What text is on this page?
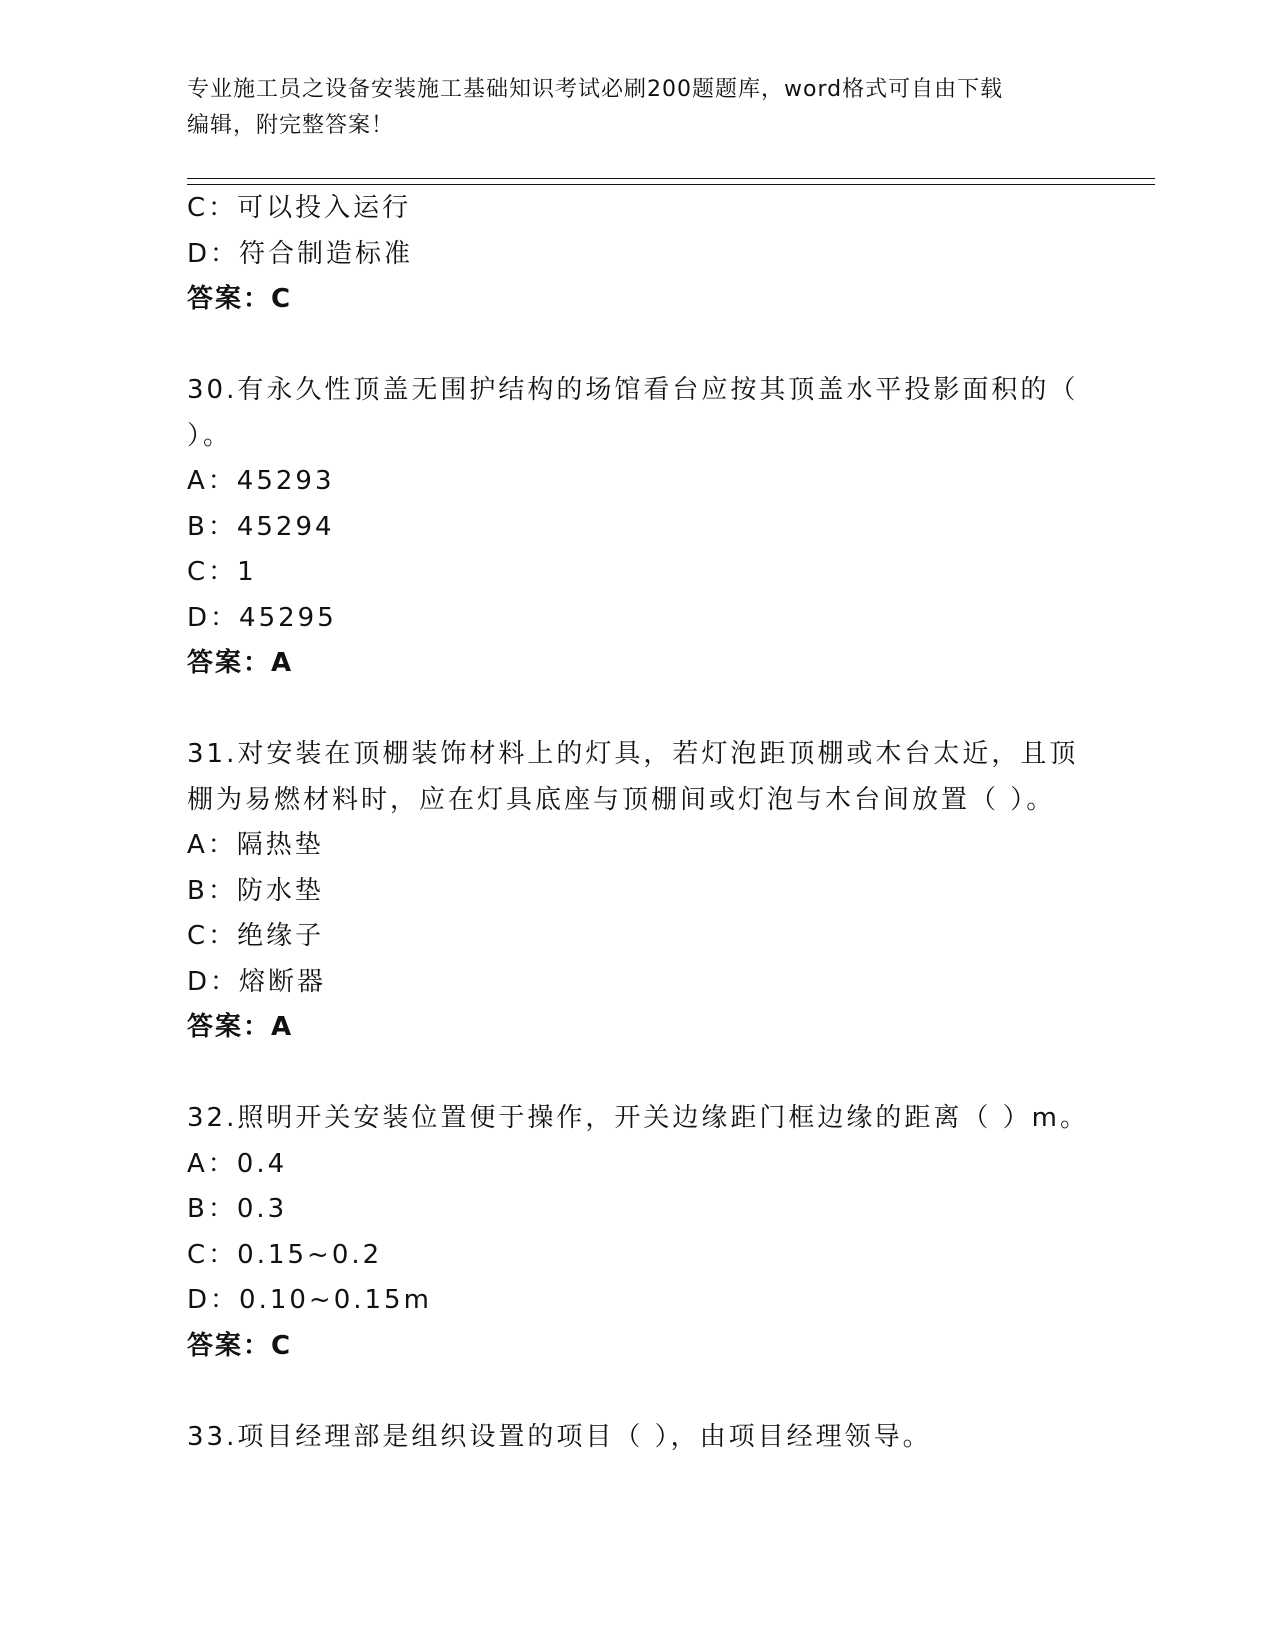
专业施工员之设备安装施工基础知识考试必刷200题题库，word格式可自由下载
编辑，附完整答案！
C：可以投入运行
D：符合制造标准
答案：C
30.有永久性顶盖无围护结构的场馆看台应按其顶盖水平投影面积的（
）。
A：45293
B：45294
C：1
D：45295
答案：A
31.对安装在顶棚装饰材料上的灯具，若灯泡距顶棚或木台太近，且顶
棚为易燃材料时，应在灯具底座与顶棚间或灯泡与木台间放置（ ）。
A：隔热垫
B：防水垫
C：绝缘子
D：熔断器
答案：A
32.照明开关安装位置便于操作，开关边缘距门框边缘的距离（ ）m。
A：0.4
B：0.3
C：0.15~0.2
D：0.10~0.15m
答案：C
33.项目经理部是组织设置的项目（ ），由项目经理领导。
